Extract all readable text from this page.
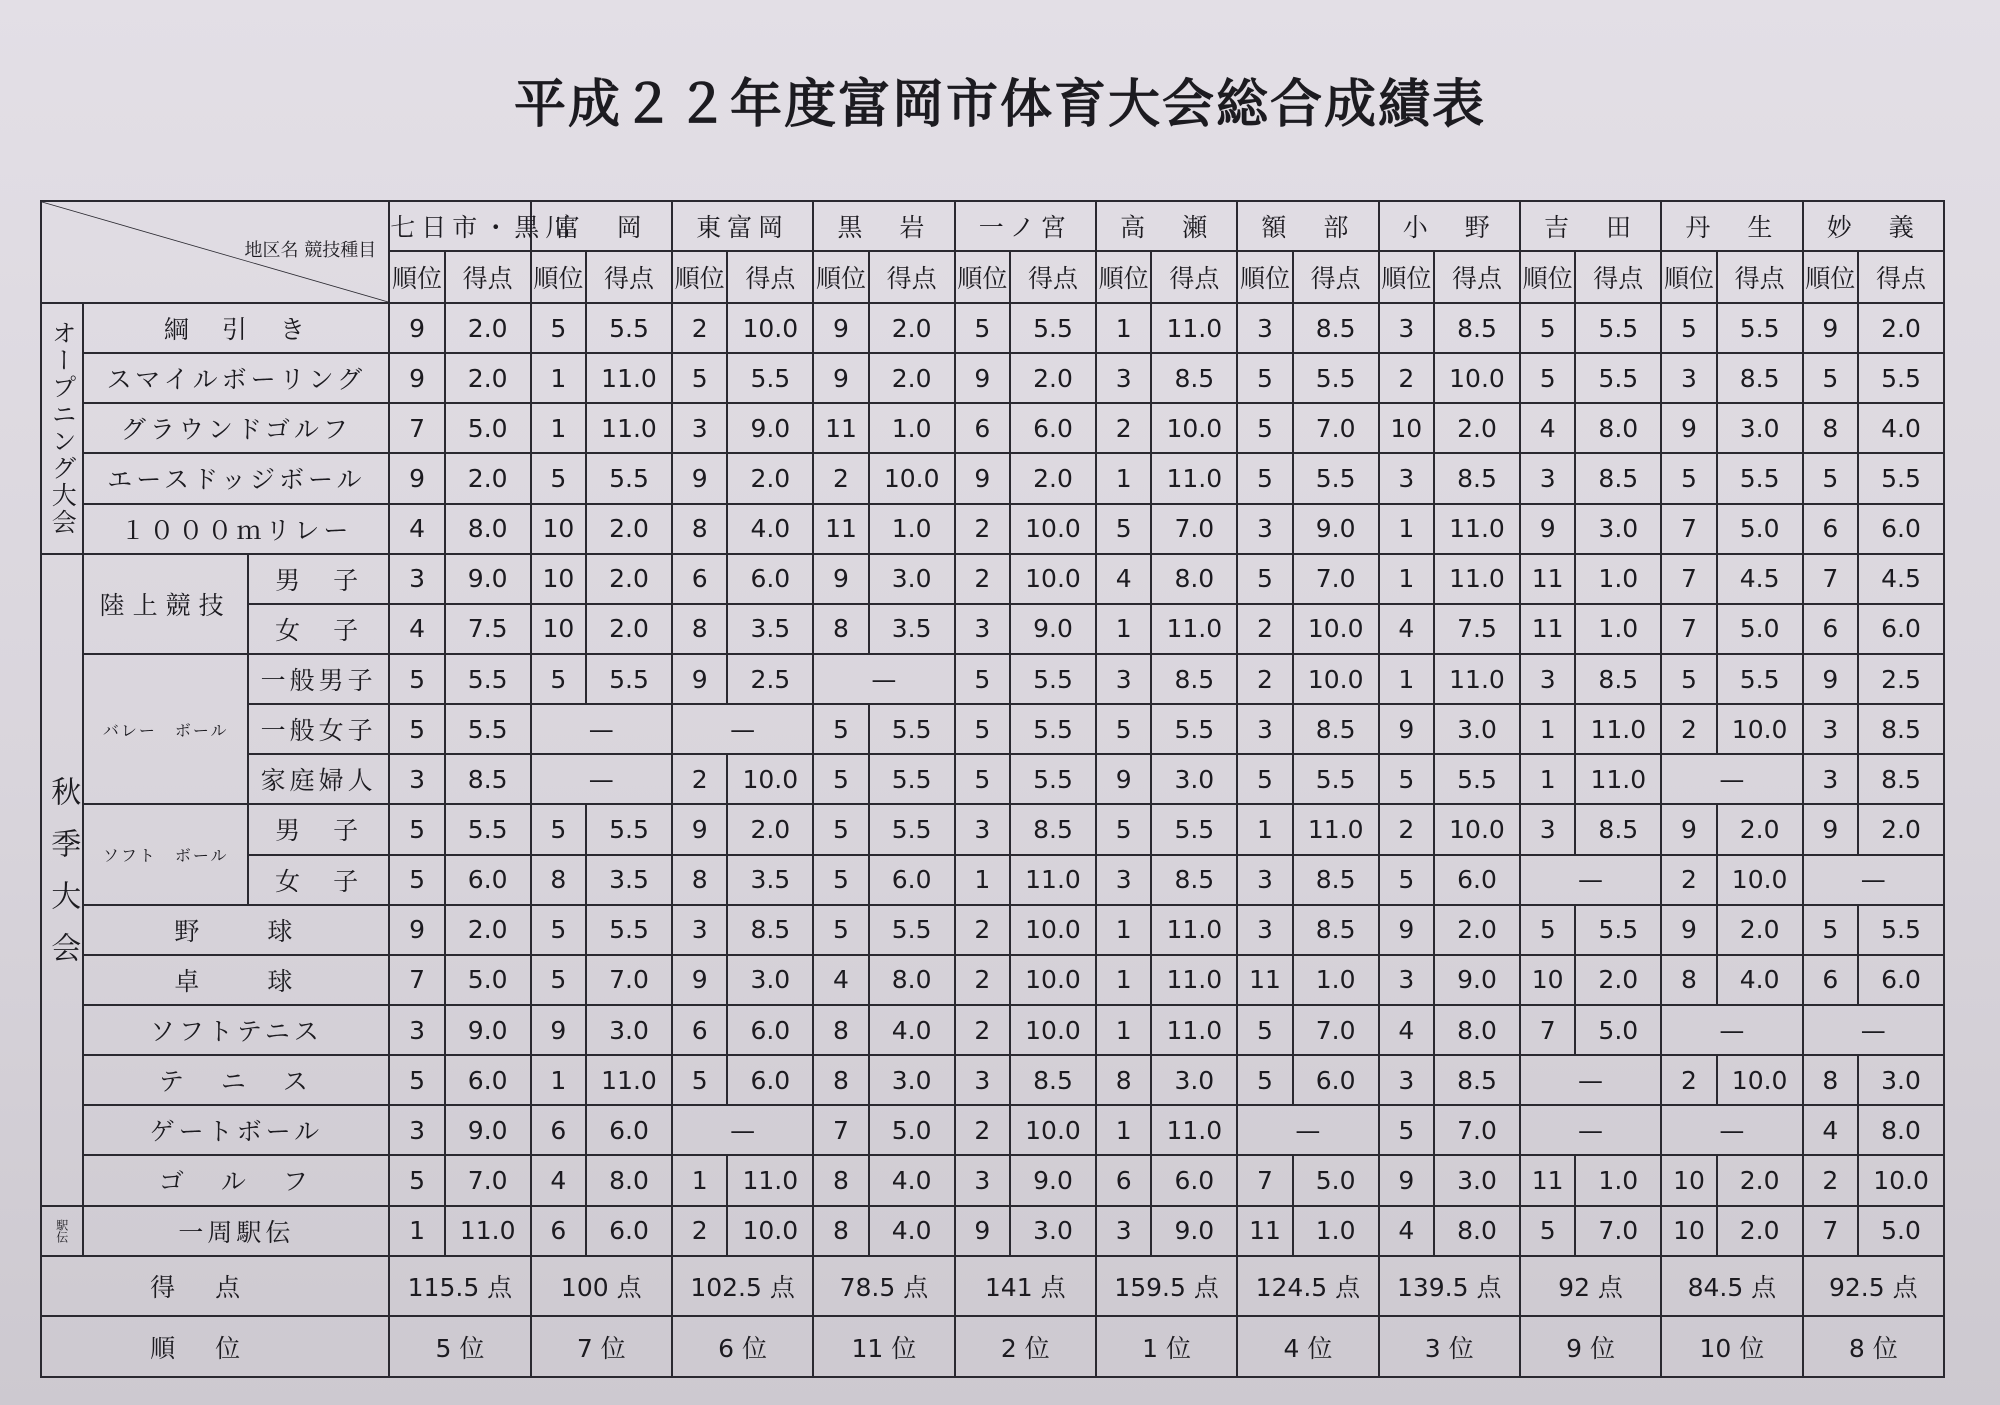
平成２２年度富岡市体育大会総合成績表
地区名 競技種目			七日市・黒川		富　岡		東富岡		黒　岩		一ノ宮		高　瀬		額　部		小　野		吉　田		丹　生		妙　義	
			順位	得点	順位	得点	順位	得点	順位	得点	順位	得点	順位	得点	順位	得点	順位	得点	順位	得点	順位	得点	順位	得点
オープニング大会	綱　引　き		9	2.0	5	5.5	2	10.0	9	2.0	5	5.5	1	11.0	3	8.5	3	8.5	5	5.5	5	5.5	9	2.0
	スマイルボーリング		9	2.0	1	11.0	5	5.5	9	2.0	9	2.0	3	8.5	5	5.5	2	10.0	5	5.5	3	8.5	5	5.5
	グラウンドゴルフ		7	5.0	1	11.0	3	9.0	11	1.0	6	6.0	2	10.0	5	7.0	10	2.0	4	8.0	9	3.0	8	4.0
	エースドッジボール		9	2.0	5	5.5	9	2.0	2	10.0	9	2.0	1	11.0	5	5.5	3	8.5	3	8.5	5	5.5	5	5.5
	１０００ｍリレー		4	8.0	10	2.0	8	4.0	11	1.0	2	10.0	5	7.0	3	9.0	1	11.0	9	3.0	7	5.0	6	6.0
秋季大会	陸上競技	男　子	3	9.0	10	2.0	6	6.0	9	3.0	2	10.0	4	8.0	5	7.0	1	11.0	11	1.0	7	4.5	7	4.5
		女　子	4	7.5	10	2.0	8	3.5	8	3.5	3	9.0	1	11.0	2	10.0	4	7.5	11	1.0	7	5.0	6	6.0
	バレー　ボール	一般男子	5	5.5	5	5.5	9	2.5	—		5	5.5	3	8.5	2	10.0	1	11.0	3	8.5	5	5.5	9	2.5
		一般女子	5	5.5	—		—		5	5.5	5	5.5	5	5.5	3	8.5	9	3.0	1	11.0	2	10.0	3	8.5
		家庭婦人	3	8.5	—		2	10.0	5	5.5	5	5.5	9	3.0	5	5.5	5	5.5	1	11.0	—		3	8.5
	ソフト　ボール	男　子	5	5.5	5	5.5	9	2.0	5	5.5	3	8.5	5	5.5	1	11.0	2	10.0	3	8.5	9	2.0	9	2.0
		女　子	5	6.0	8	3.5	8	3.5	5	6.0	1	11.0	3	8.5	3	8.5	5	6.0	—		2	10.0	—	
	野　　球		9	2.0	5	5.5	3	8.5	5	5.5	2	10.0	1	11.0	3	8.5	9	2.0	5	5.5	9	2.0	5	5.5
	卓　　球		7	5.0	5	7.0	9	3.0	4	8.0	2	10.0	1	11.0	11	1.0	3	9.0	10	2.0	8	4.0	6	6.0
	ソフトテニス		3	9.0	9	3.0	6	6.0	8	4.0	2	10.0	1	11.0	5	7.0	4	8.0	7	5.0	—		—	
	テ　ニ　ス		5	6.0	1	11.0	5	6.0	8	3.0	3	8.5	8	3.0	5	6.0	3	8.5	—		2	10.0	8	3.0
	ゲートボール		3	9.0	6	6.0	—		7	5.0	2	10.0	1	11.0	—		5	7.0	—		—		4	8.0
	ゴ　ル　フ		5	7.0	4	8.0	1	11.0	8	4.0	3	9.0	6	6.0	7	5.0	9	3.0	11	1.0	10	2.0	2	10.0
駅伝	一周駅伝		1	11.0	6	6.0	2	10.0	8	4.0	9	3.0	3	9.0	11	1.0	4	8.0	5	7.0	10	2.0	7	5.0
得点			115.5 点		100 点		102.5 点		78.5 点		141 点		159.5 点		124.5 点		139.5 点		92 点		84.5 点		92.5 点	
順位			5 位		7 位		6 位		11 位		2 位		1 位		4 位		3 位		9 位		10 位		8 位	
